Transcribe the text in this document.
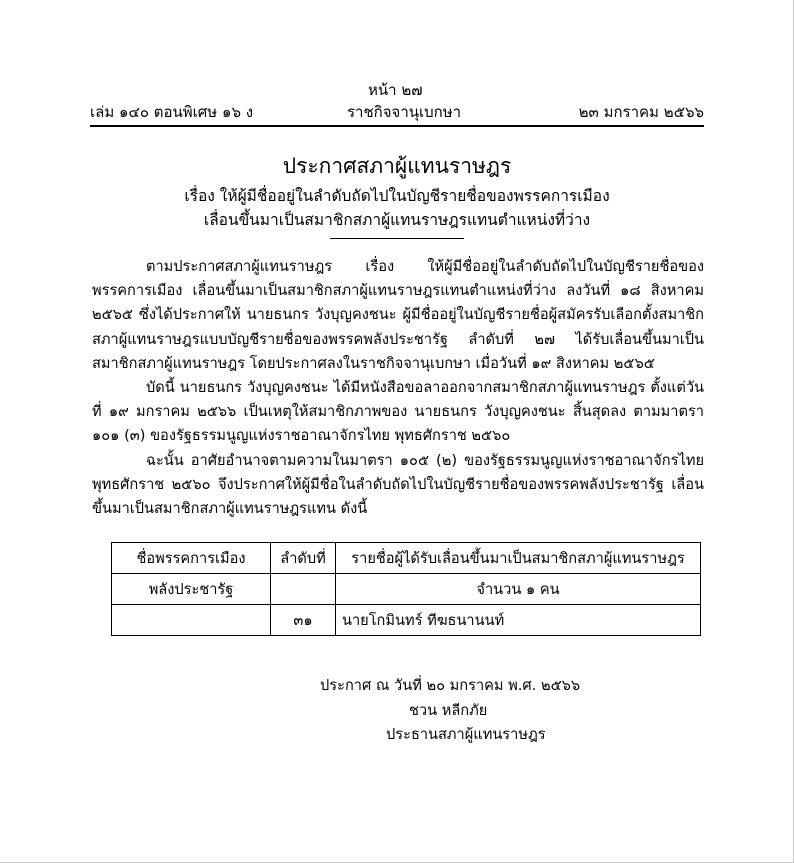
หน้า ๒๗
เล่ม ๑๔๐ ตอนพิเศษ ๑๖ ง	ราชกิจจานุเบกษา	๒๓ มกราคม ๒๕๖๖
ประกาศสภาผู้แทนราษฎร
เรื่อง ให้ผู้มีชื่ออยู่ในลำดับถัดไปในบัญชีรายชื่อของพรรคการเมือง
เลื่อนขึ้นมาเป็นสมาชิกสภาผู้แทนราษฎรแทนตำแหน่งที่ว่าง

ตามประกาศสภาผู้แทนราษฎร เรื่อง ให้ผู้มีชื่ออยู่ในลำดับถัดไปในบัญชีรายชื่อของพรรคการเมือง เลื่อนขึ้นมาเป็นสมาชิกสภาผู้แทนราษฎรแทนตำแหน่งที่ว่าง ลงวันที่ ๑๘ สิงหาคม ๒๕๖๕ ซึ่งได้ประกาศให้ นายธนกร วังบุญคงชนะ ผู้มีชื่ออยู่ในบัญชีรายชื่อผู้สมัครรับเลือกตั้งสมาชิก สภาผู้แทนราษฎรแบบบัญชีรายชื่อของพรรคพลังประชารัฐ ลำดับที่ ๒๗ ได้รับเลื่อนขึ้นมาเป็น สมาชิกสภาผู้แทนราษฎร โดยประกาศลงในราชกิจจานุเบกษา เมื่อวันที่ ๑๙ สิงหาคม ๒๕๖๕

บัดนี้ นายธนกร วังบุญคงชนะ ได้มีหนังสือขอลาออกจากสมาชิกสภาผู้แทนราษฎร ตั้งแต่วันที่ ๑๙ มกราคม ๒๕๖๖ เป็นเหตุให้สมาชิกภาพของ นายธนกร วังบุญคงชนะ สิ้นสุดลง ตามมาตรา ๑๐๑ (๓) ของรัฐธรรมนูญแห่งราชอาณาจักรไทย พุทธศักราช ๒๕๖๐

ฉะนั้น อาศัยอำนาจตามความในมาตรา ๑๐๕ (๒) ของรัฐธรรมนูญแห่งราชอาณาจักรไทย พุทธศักราช ๒๕๖๐ จึงประกาศให้ผู้มีชื่อในลำดับถัดไปในบัญชีรายชื่อของพรรคพลังประชารัฐ เลื่อนขึ้นมาเป็นสมาชิกสภาผู้แทนราษฎรแทน ดังนี้

ชื่อพรรคการเมือง	ลำดับที่	รายชื่อผู้ได้รับเลื่อนขึ้นมาเป็นสมาชิกสภาผู้แทนราษฎร
พลังประชารัฐ		จำนวน ๑ คน
	๓๑	นายโกมินทร์ ทีฆธนานนท์
ประกาศ ณ วันที่ ๒๐ มกราคม พ.ศ. ๒๕๖๖
ชวน หลีกภัย
ประธานสภาผู้แทนราษฎร
